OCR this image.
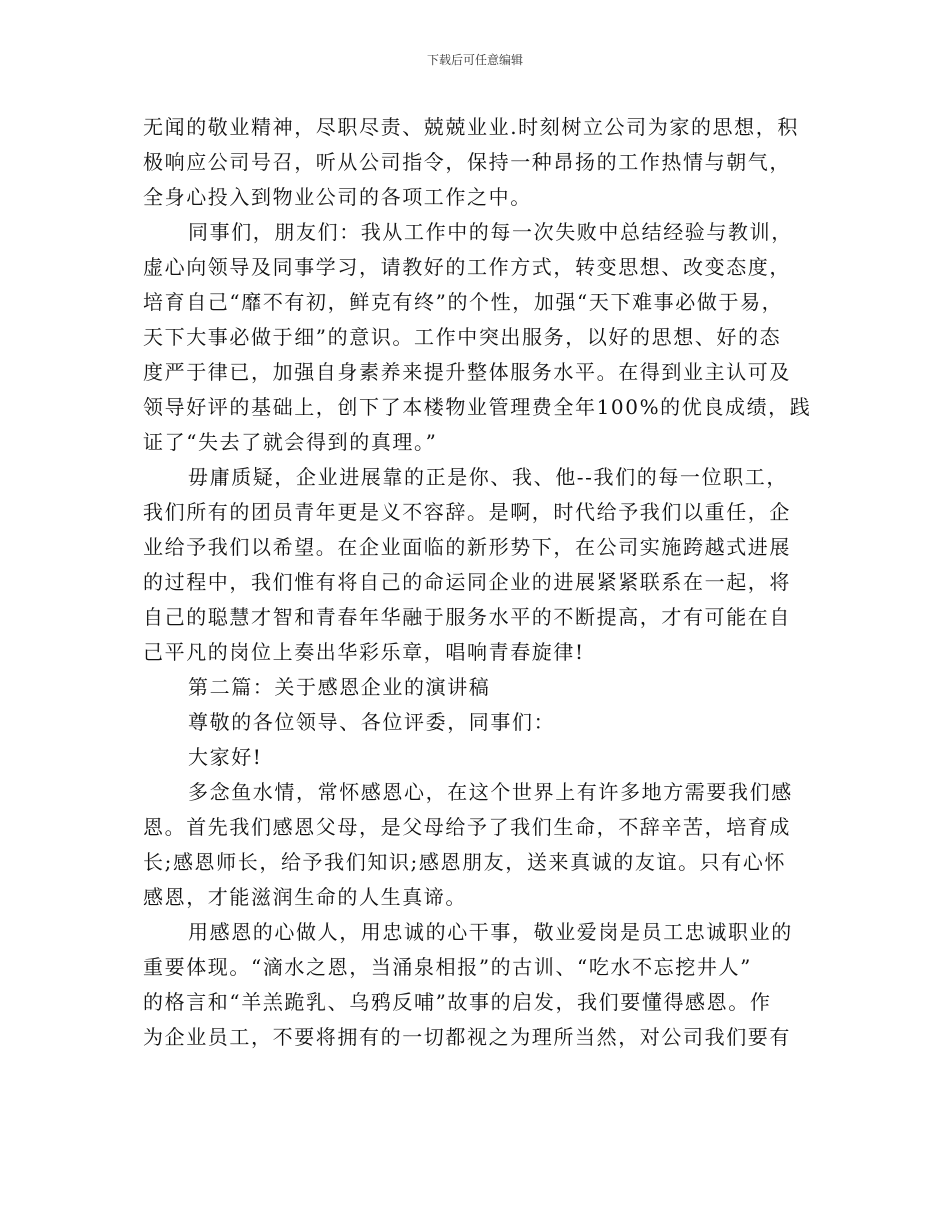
下载后可任意编辑
无闻的敬业精神，尽职尽责、兢兢业业.时刻树立公司为家的思想，积
极响应公司号召，听从公司指令，保持一种昂扬的工作热情与朝气，
全身心投入到物业公司的各项工作之中。
同事们，朋友们：我从工作中的每一次失败中总结经验与教训，
虚心向领导及同事学习，请教好的工作方式，转变思想、改变态度，
培育自己“靡不有初，鲜克有终”的个性，加强“天下难事必做于易，
天下大事必做于细”的意识。工作中突出服务，以好的思想、好的态
度严于律已，加强自身素养来提升整体服务水平。在得到业主认可及
领导好评的基础上，创下了本楼物业管理费全年100%的优良成绩，践
证了“失去了就会得到的真理。”
毋庸质疑，企业进展靠的正是你、我、他--我们的每一位职工，
我们所有的团员青年更是义不容辞。是啊，时代给予我们以重任，企
业给予我们以希望。在企业面临的新形势下，在公司实施跨越式进展
的过程中，我们惟有将自己的命运同企业的进展紧紧联系在一起，将
自己的聪慧才智和青春年华融于服务水平的不断提高，才有可能在自
己平凡的岗位上奏出华彩乐章，唱响青春旋律!
第二篇：关于感恩企业的演讲稿
尊敬的各位领导、各位评委，同事们：
大家好!
多念鱼水情，常怀感恩心，在这个世界上有许多地方需要我们感
恩。首先我们感恩父母，是父母给予了我们生命，不辞辛苦，培育成
长;感恩师长，给予我们知识;感恩朋友，送来真诚的友谊。只有心怀
感恩，才能滋润生命的人生真谛。
用感恩的心做人，用忠诚的心干事，敬业爱岗是员工忠诚职业的
重要体现。“滴水之恩，当涌泉相报”的古训、“吃水不忘挖井人”
的格言和“羊羔跪乳、乌鸦反哺”故事的启发，我们要懂得感恩。作
为企业员工，不要将拥有的一切都视之为理所当然，对公司我们要有
